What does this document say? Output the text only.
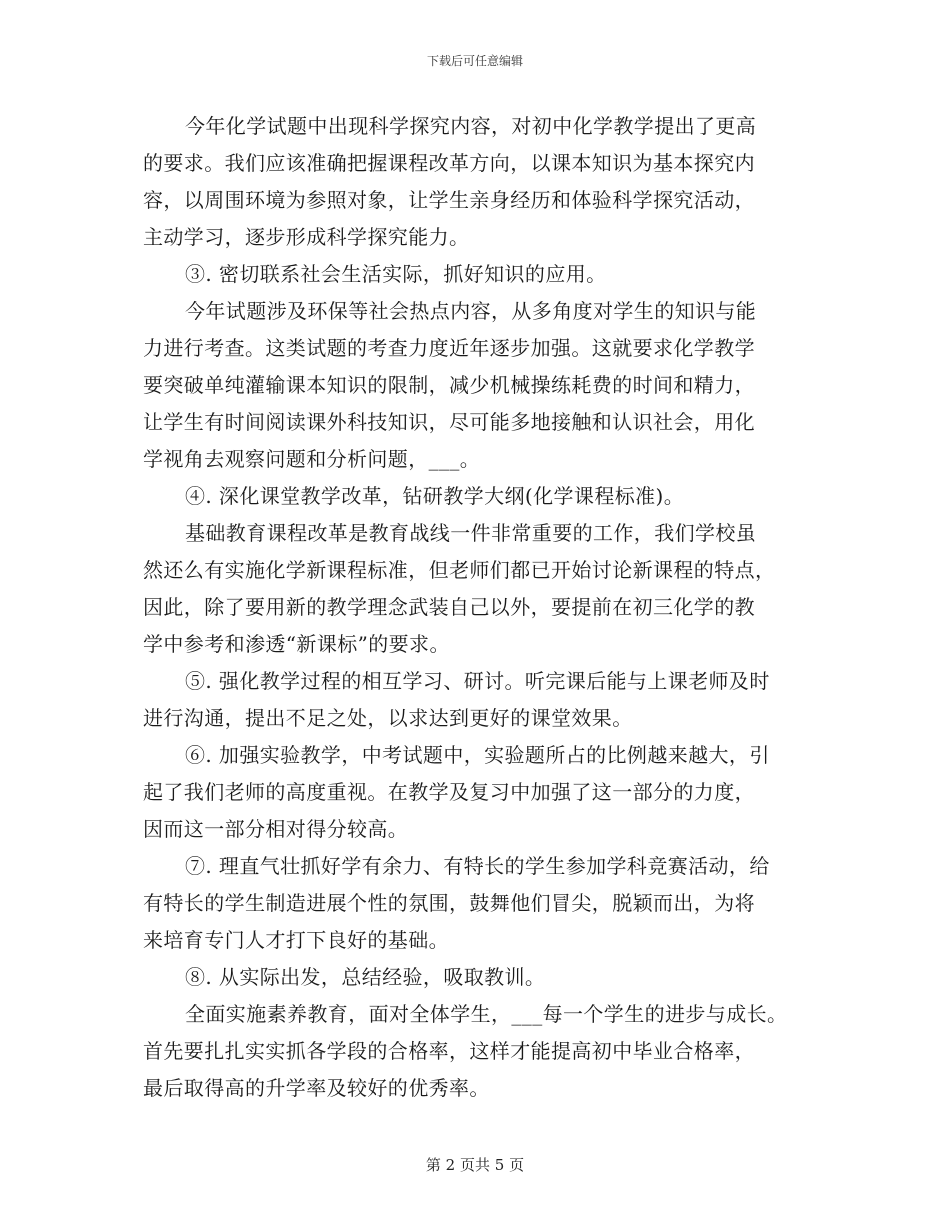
下载后可任意编辑

今年化学试题中出现科学探究内容，对初中化学教学提出了更高
的要求。我们应该准确把握课程改革方向，以课本知识为基本探究内
容，以周围环境为参照对象，让学生亲身经历和体验科学探究活动，
主动学习，逐步形成科学探究能力。

③. 密切联系社会生活实际，抓好知识的应用。

今年试题涉及环保等社会热点内容，从多角度对学生的知识与能
力进行考查。这类试题的考查力度近年逐步加强。这就要求化学教学
要突破单纯灌输课本知识的限制，减少机械操练耗费的时间和精力，
让学生有时间阅读课外科技知识，尽可能多地接触和认识社会，用化
学视角去观察问题和分析问题，___。

④. 深化课堂教学改革，钻研教学大纲(化学课程标准)。

基础教育课程改革是教育战线一件非常重要的工作，我们学校虽
然还么有实施化学新课程标准，但老师们都已开始讨论新课程的特点，
因此，除了要用新的教学理念武装自己以外，要提前在初三化学的教
学中参考和渗透“新课标”的要求。

⑤. 强化教学过程的相互学习、研讨。听完课后能与上课老师及时
进行沟通，提出不足之处，以求达到更好的课堂效果。

⑥. 加强实验教学，中考试题中，实验题所占的比例越来越大，引
起了我们老师的高度重视。在教学及复习中加强了这一部分的力度，
因而这一部分相对得分较高。

⑦. 理直气壮抓好学有余力、有特长的学生参加学科竞赛活动，给
有特长的学生制造进展个性的氛围，鼓舞他们冒尖，脱颖而出，为将
来培育专门人才打下良好的基础。

⑧. 从实际出发，总结经验，吸取教训。

全面实施素养教育，面对全体学生，___每一个学生的进步与成长。
首先要扎扎实实抓各学段的合格率，这样才能提高初中毕业合格率，
最后取得高的升学率及较好的优秀率。

第 2 页共 5 页
